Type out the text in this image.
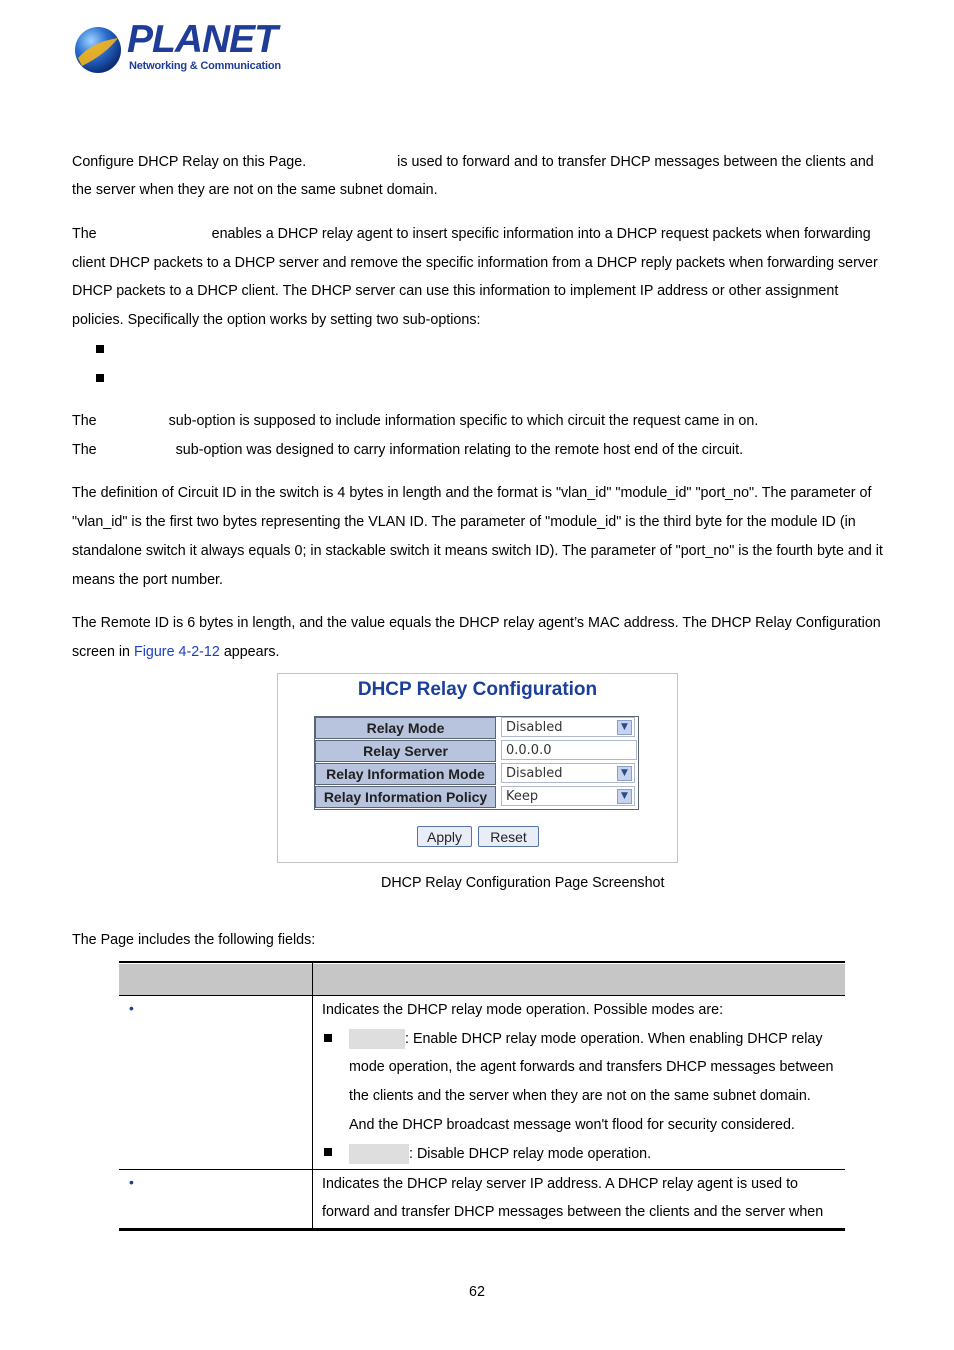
PLANET
Networking & Communication
Configure DHCP Relay on this Page.	is used to forward and to transfer DHCP messages between the clients and
the server when they are not on the same subnet domain.
The	enables a DHCP relay agent to insert specific information into a DHCP request packets when forwarding
client DHCP packets to a DHCP server and remove the specific information from a DHCP reply packets when forwarding server
DHCP packets to a DHCP client. The DHCP server can use this information to implement IP address or other assignment
policies. Specifically the option works by setting two sub-options:
The	sub-option is supposed to include information specific to which circuit the request came in on.
The	sub-option was designed to carry information relating to the remote host end of the circuit.
The definition of Circuit ID in the switch is 4 bytes in length and the format is "vlan_id" "module_id" "port_no". The parameter of
"vlan_id" is the first two bytes representing the VLAN ID. The parameter of "module_id" is the third byte for the module ID (in
standalone switch it always equals 0; in stackable switch it means switch ID). The parameter of "port_no" is the fourth byte and it
means the port number.
The Remote ID is 6 bytes in length, and the value equals the DHCP relay agent’s MAC address. The DHCP Relay Configuration
screen in Figure 4-2-12 appears.
DHCP Relay Configuration
Relay Mode	Disabled	▼
Relay Server	0.0.0.0
Relay Information Mode	Disabled	▼
Relay Information Policy	Keep	▼
Apply	Reset
DHCP Relay Configuration Page Screenshot
The Page includes the following fields:
•	Indicates the DHCP relay mode operation. Possible modes are:
: Enable DHCP relay mode operation. When enabling DHCP relay
mode operation, the agent forwards and transfers DHCP messages between
the clients and the server when they are not on the same subnet domain.
And the DHCP broadcast message won't flood for security considered.
: Disable DHCP relay mode operation.
•	Indicates the DHCP relay server IP address. A DHCP relay agent is used to
forward and transfer DHCP messages between the clients and the server when
62
